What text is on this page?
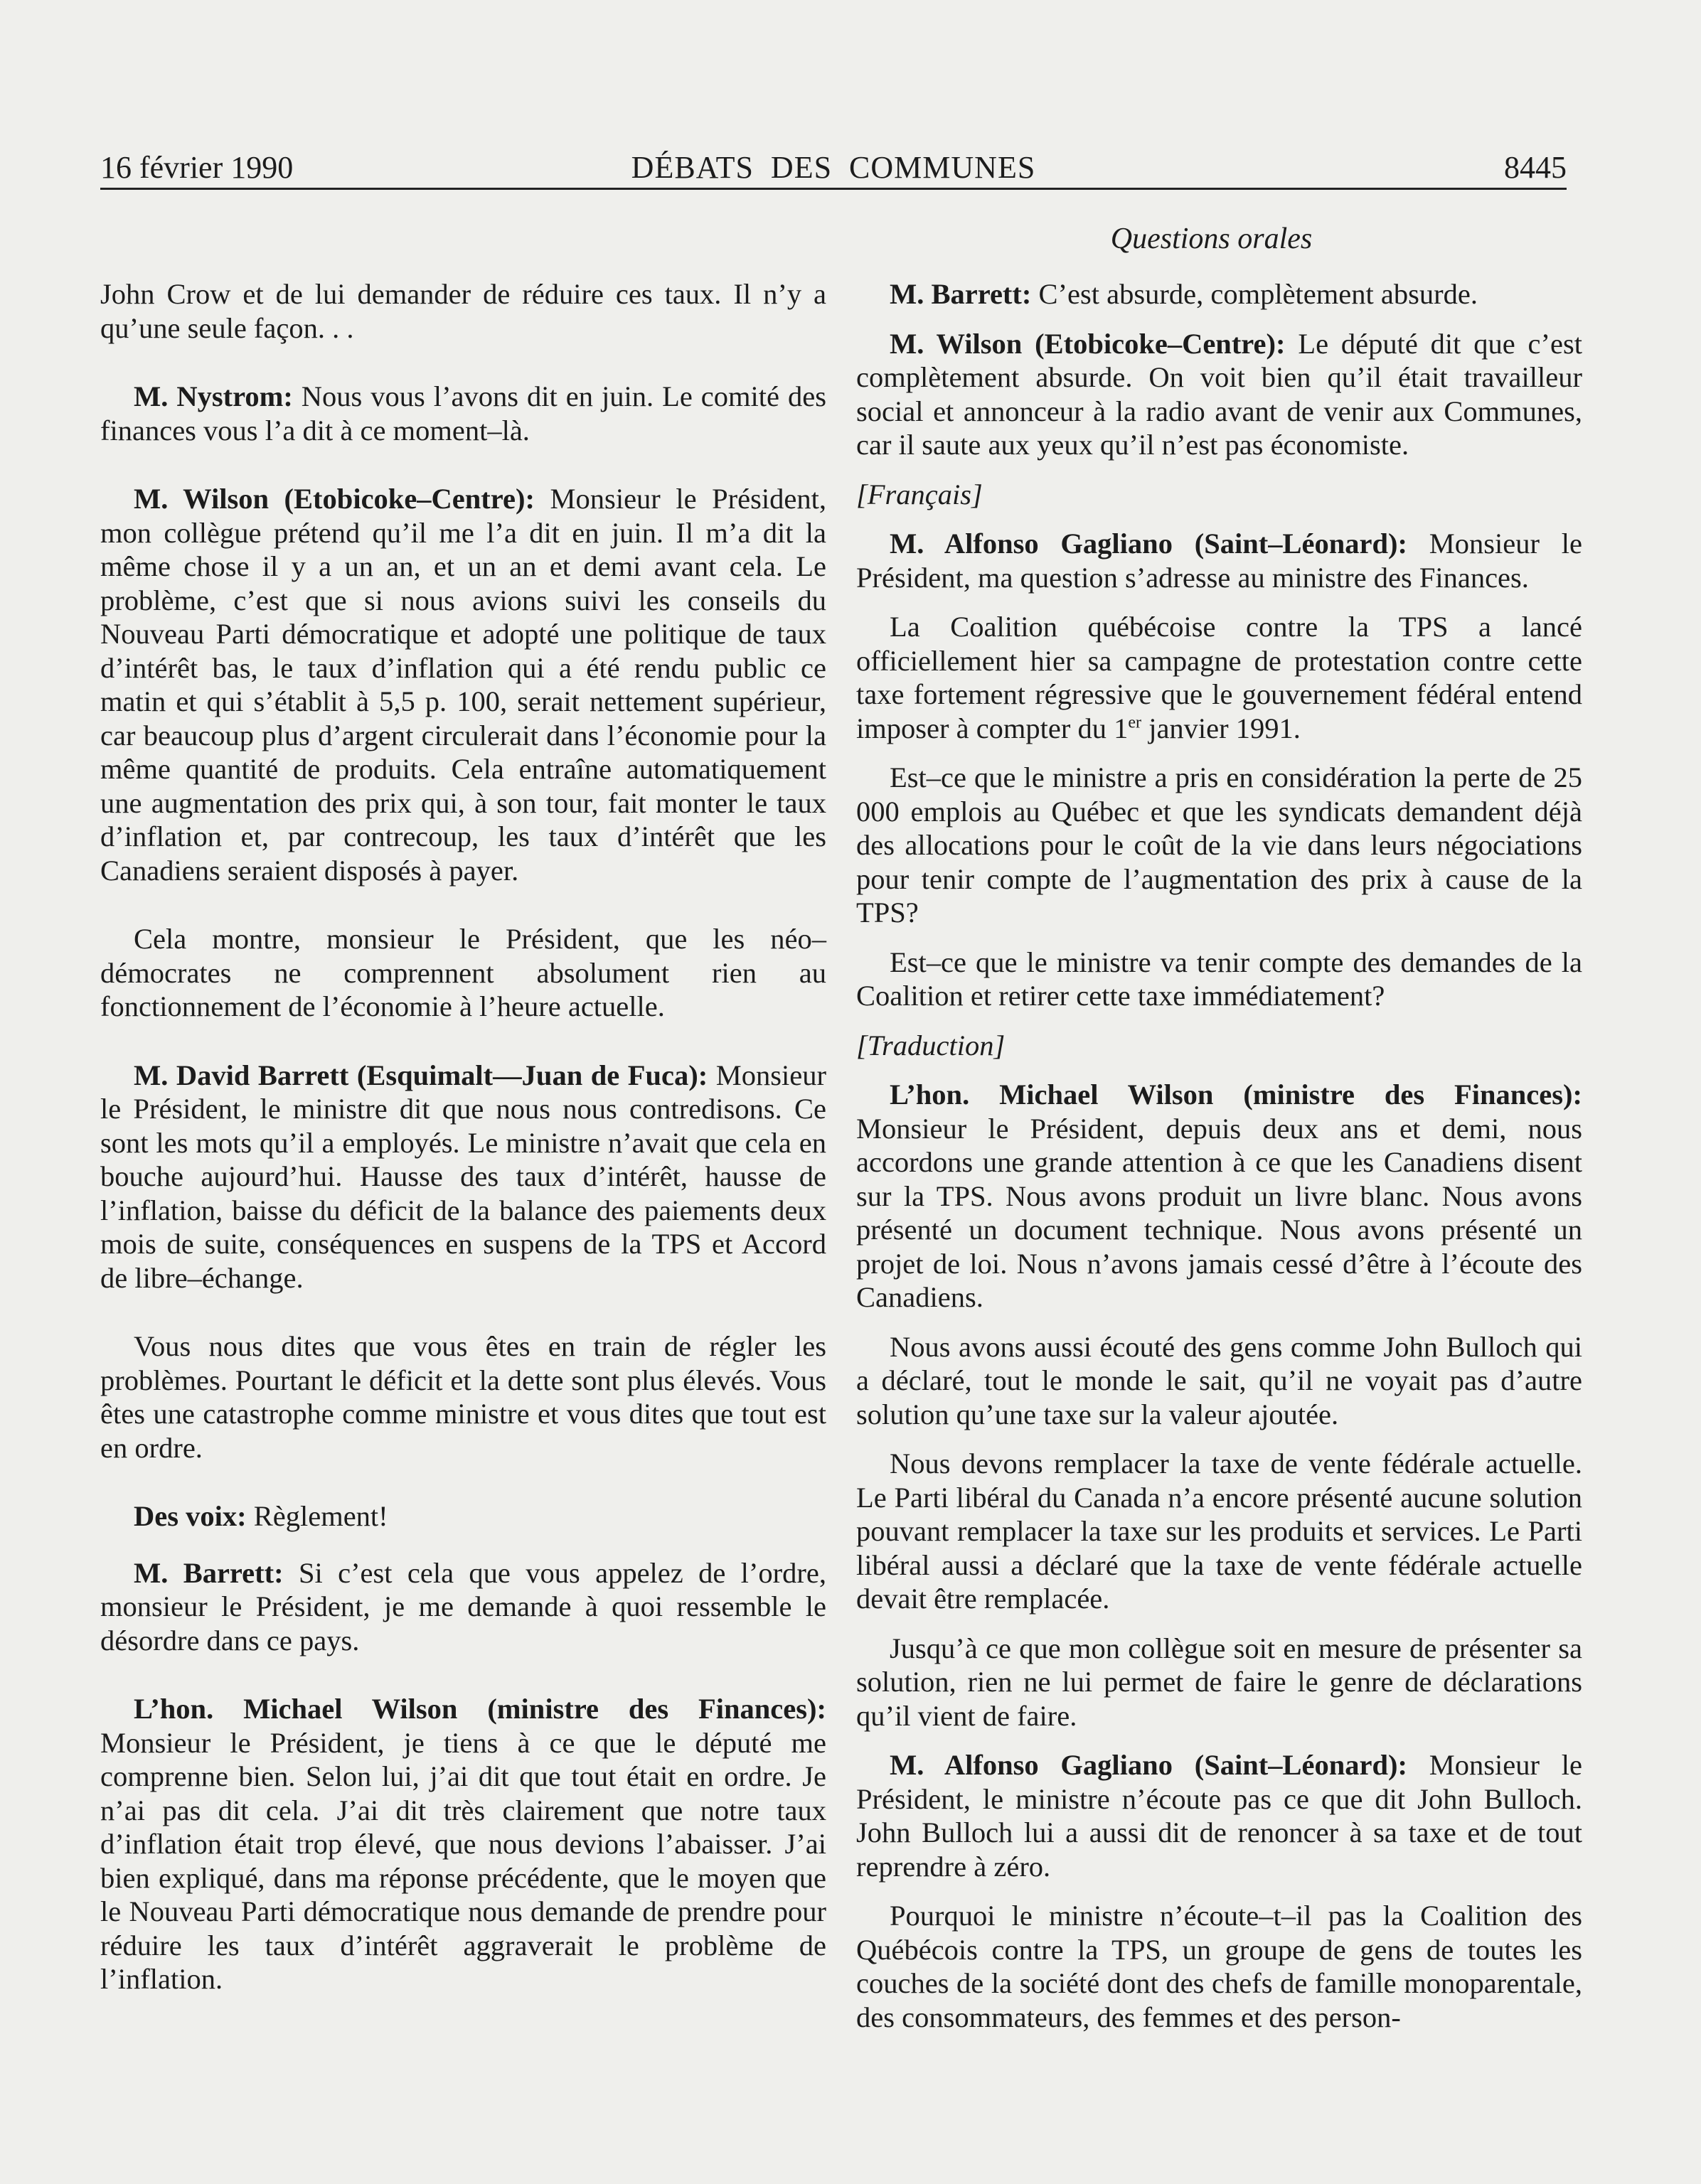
16 février 1990	DÉBATS  DES  COMMUNES	8445
Questions orales

John Crow et de lui demander de réduire ces taux. Il n’y a qu’une seule façon. . .

M. Nystrom: Nous vous l’avons dit en juin. Le comité des finances vous l’a dit à ce moment–là.

M. Wilson (Etobicoke–Centre): Monsieur le Président, mon collègue prétend qu’il me l’a dit en juin. Il m’a dit la même chose il y a un an, et un an et demi avant cela. Le problème, c’est que si nous avions suivi les conseils du Nouveau Parti démocratique et adopté une politique de taux d’intérêt bas, le taux d’inflation qui a été rendu public ce matin et qui s’établit à 5,5 p. 100, serait nettement supérieur, car beaucoup plus d’argent circulerait dans l’économie pour la même quantité de produits. Cela entraîne automatiquement une augmentation des prix qui, à son tour, fait monter le taux d’inflation et, par contrecoup, les taux d’intérêt que les Canadiens seraient disposés à payer.

Cela montre, monsieur le Président, que les néo–démocrates ne comprennent absolument rien au fonctionnement de l’économie à l’heure actuelle.

M. David Barrett (Esquimalt—Juan de Fuca): Monsieur le Président, le ministre dit que nous nous contredisons. Ce sont les mots qu’il a employés. Le ministre n’avait que cela en bouche aujourd’hui. Hausse des taux d’intérêt, hausse de l’inflation, baisse du déficit de la balance des paiements deux mois de suite, conséquences en suspens de la TPS et Accord de libre–échange.

Vous nous dites que vous êtes en train de régler les problèmes. Pourtant le déficit et la dette sont plus élevés. Vous êtes une catastrophe comme ministre et vous dites que tout est en ordre.

Des voix: Règlement!

M. Barrett: Si c’est cela que vous appelez de l’ordre, monsieur le Président, je me demande à quoi ressemble le désordre dans ce pays.

L’hon. Michael Wilson (ministre des Finances): Monsieur le Président, je tiens à ce que le député me comprenne bien. Selon lui, j’ai dit que tout était en ordre. Je n’ai pas dit cela. J’ai dit très clairement que notre taux d’inflation était trop élevé, que nous devions l’abaisser. J’ai bien expliqué, dans ma réponse précédente, que le moyen que le Nouveau Parti démocratique nous demande de prendre pour réduire les taux d’intérêt aggraverait le problème de l’inflation.

M. Barrett: C’est absurde, complètement absurde.

M. Wilson (Etobicoke–Centre): Le député dit que c’est complètement absurde. On voit bien qu’il était travailleur social et annonceur à la radio avant de venir aux Communes, car il saute aux yeux qu’il n’est pas économiste.

[Français]

M. Alfonso Gagliano (Saint–Léonard): Monsieur le Président, ma question s’adresse au ministre des Finances.

La Coalition québécoise contre la TPS a lancé officiellement hier sa campagne de protestation contre cette taxe fortement régressive que le gouvernement fédéral entend imposer à compter du 1er janvier 1991.

Est–ce que le ministre a pris en considération la perte de 25 000 emplois au Québec et que les syndicats demandent déjà des allocations pour le coût de la vie dans leurs négociations pour tenir compte de l’augmentation des prix à cause de la TPS?

Est–ce que le ministre va tenir compte des demandes de la Coalition et retirer cette taxe immédiatement?

[Traduction]

L’hon. Michael Wilson (ministre des Finances): Monsieur le Président, depuis deux ans et demi, nous accordons une grande attention à ce que les Canadiens disent sur la TPS. Nous avons produit un livre blanc. Nous avons présenté un document technique. Nous avons présenté un projet de loi. Nous n’avons jamais cessé d’être à l’écoute des Canadiens.

Nous avons aussi écouté des gens comme John Bulloch qui a déclaré, tout le monde le sait, qu’il ne voyait pas d’autre solution qu’une taxe sur la valeur ajoutée.

Nous devons remplacer la taxe de vente fédérale actuelle. Le Parti libéral du Canada n’a encore présenté aucune solution pouvant remplacer la taxe sur les produits et services. Le Parti libéral aussi a déclaré que la taxe de vente fédérale actuelle devait être remplacée.

Jusqu’à ce que mon collègue soit en mesure de présenter sa solution, rien ne lui permet de faire le genre de déclarations qu’il vient de faire.

M. Alfonso Gagliano (Saint–Léonard): Monsieur le Président, le ministre n’écoute pas ce que dit John Bulloch. John Bulloch lui a aussi dit de renoncer à sa taxe et de tout reprendre à zéro.

Pourquoi le ministre n’écoute–t–il pas la Coalition des Québécois contre la TPS, un groupe de gens de toutes les couches de la société dont des chefs de famille monoparentale, des consommateurs, des femmes et des person-
